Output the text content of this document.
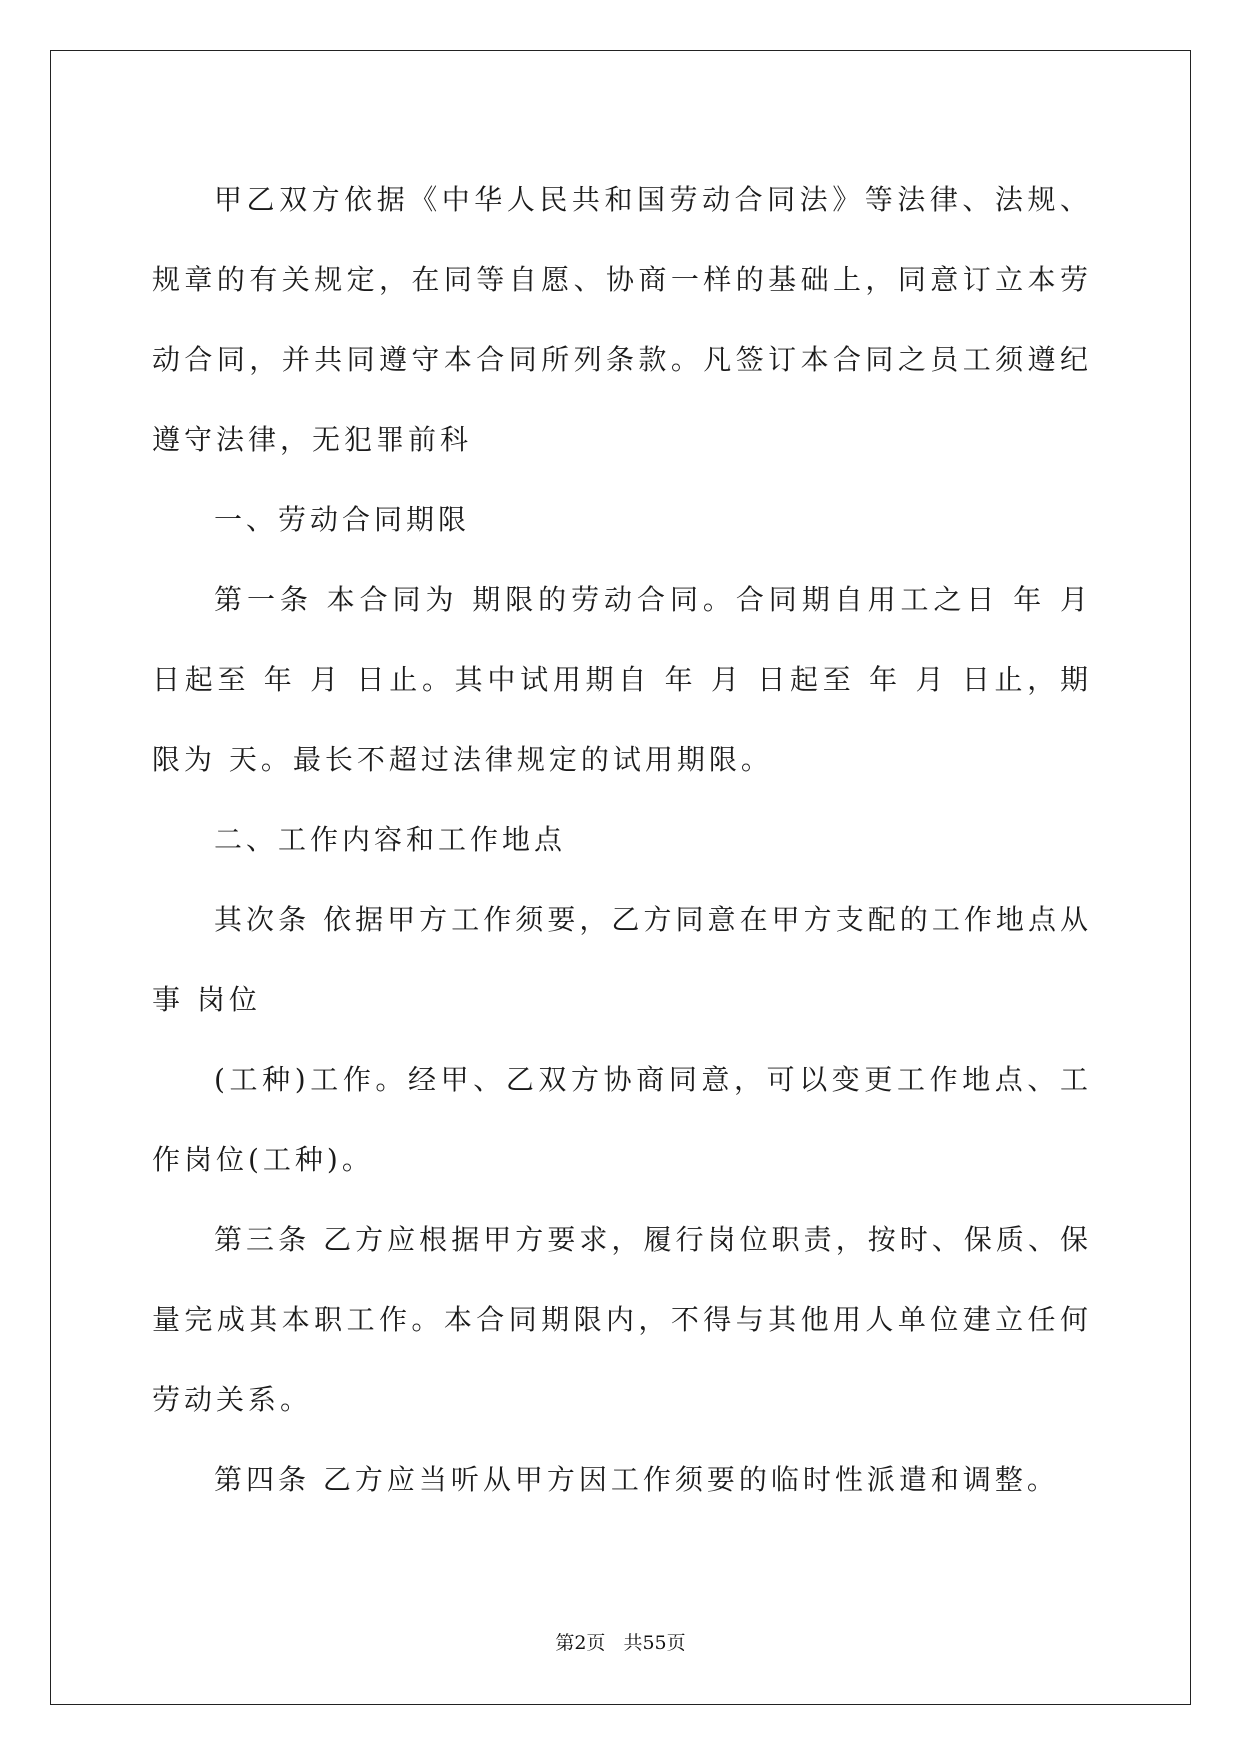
甲乙双方依据《中华人民共和国劳动合同法》等法律、法规、规章的有关规定，在同等自愿、协商一样的基础上，同意订立本劳动合同，并共同遵守本合同所列条款。凡签订本合同之员工须遵纪遵守法律，无犯罪前科

一、劳动合同期限

第一条 本合同为 期限的劳动合同。合同期自用工之日 年 月 日起至 年 月 日止。其中试用期自 年 月 日起至 年 月 日止，期限为 天。最长不超过法律规定的试用期限。

二、工作内容和工作地点

其次条 依据甲方工作须要，乙方同意在甲方支配的工作地点从事 岗位

(工种)工作。经甲、乙双方协商同意，可以变更工作地点、工作岗位(工种)。

第三条 乙方应根据甲方要求，履行岗位职责，按时、保质、保量完成其本职工作。本合同期限内，不得与其他用人单位建立任何劳动关系。

第四条 乙方应当听从甲方因工作须要的临时性派遣和调整。

第2页 共55页
